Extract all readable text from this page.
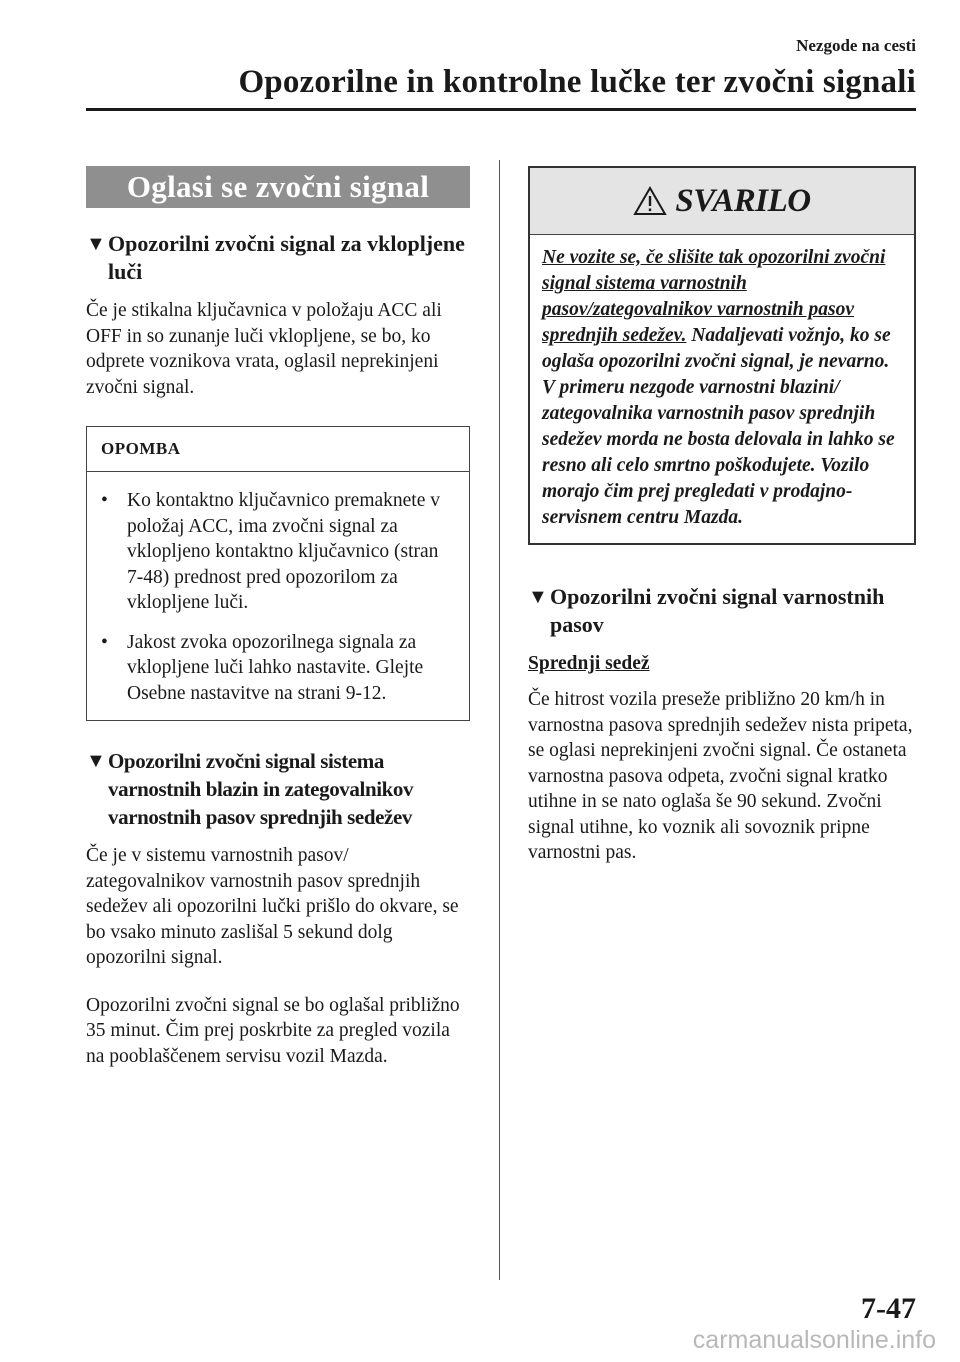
Nezgode na cesti
Opozorilne in kontrolne lučke ter zvočni signali
Oglasi se zvočni signal
▼ Opozorilni zvočni signal za vklopljene luči
Če je stikalna ključavnica v položaju ACC ali OFF in so zunanje luči vklopljene, se bo, ko odprete voznikova vrata, oglasil neprekinjeni zvočni signal.
OPOMBA
• Ko kontaktno ključavnico premaknete v položaj ACC, ima zvočni signal za vklopljeno kontaktno ključavnico (stran 7-48) prednost pred opozorilom za vklopljene luči.
• Jakost zvoka opozorilnega signala za vklopljene luči lahko nastavite. Glejte Osebne nastavitve na strani 9-12.
▼ Opozorilni zvočni signal sistema varnostnih blazin in zategovalnikov varnostnih pasov sprednjih sedežev
Če je v sistemu varnostnih pasov/ zategovalnikov varnostnih pasov sprednjih sedežev ali opozorilni lučki prišlo do okvare, se bo vsako minuto zaslišal 5 sekund dolg opozorilni signal.
Opozorilni zvočni signal se bo oglašal približno 35 minut. Čim prej poskrbite za pregled vozila na pooblaščenem servisu vozil Mazda.
SVARILO
Ne vozite se, če slišite tak opozorilni zvočni signal sistema varnostnih pasov/zategovalnikov varnostnih pasov sprednjih sedežev. Nadaljevati vožnjo, ko se oglaša opozorilni zvočni signal, je nevarno. V primeru nezgode varnostni blazini/ zategovalnika varnostnih pasov sprednjih sedežev morda ne bosta delovala in lahko se resno ali celo smrtno poškodujete. Vozilo morajo čim prej pregledati v prodajno-servisnem centru Mazda.
▼ Opozorilni zvočni signal varnostnih pasov
Sprednji sedež
Če hitrost vozila preseže približno 20 km/h in varnostna pasova sprednjih sedežev nista pripeta, se oglasi neprekinjeni zvočni signal. Če ostaneta varnostna pasova odpeta, zvočni signal kratko utihne in se nato oglaša še 90 sekund. Zvočni signal utihne, ko voznik ali sovoznik pripne varnostni pas.
7-47
carmanualsonline.info
